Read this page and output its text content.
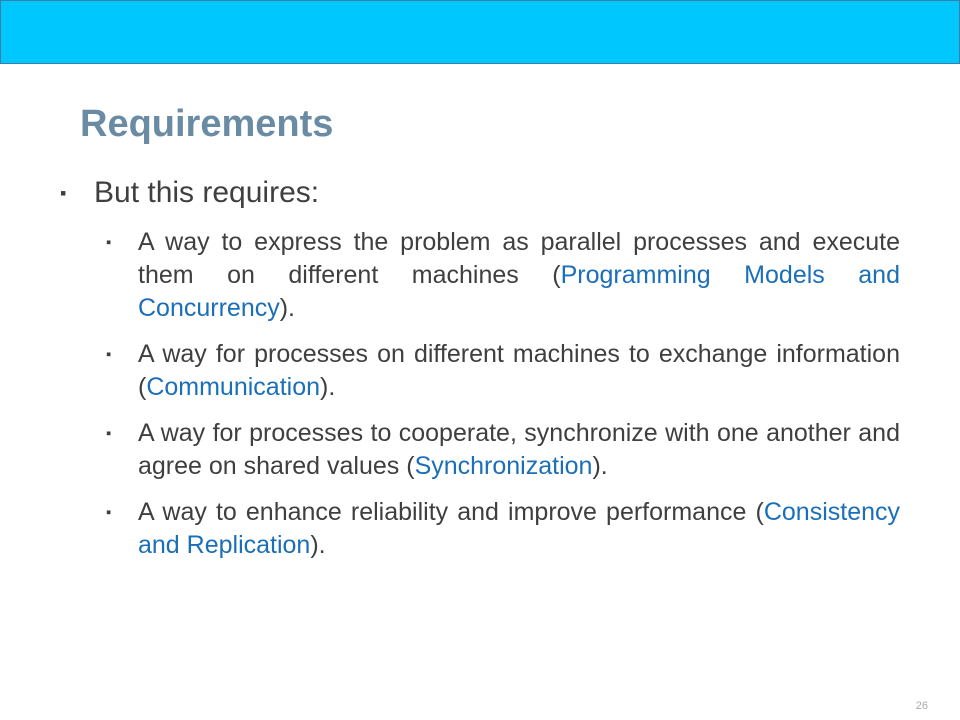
Requirements
▪ But this requires:
▪	A way to express the problem as parallel processes and execute them on different machines (Programming Models and Concurrency).
▪	A way for processes on different machines to exchange information (Communication).
▪	A way for processes to cooperate, synchronize with one another and agree on shared values (Synchronization).
▪	A way to enhance reliability and improve performance (Consistency and Replication).
26
